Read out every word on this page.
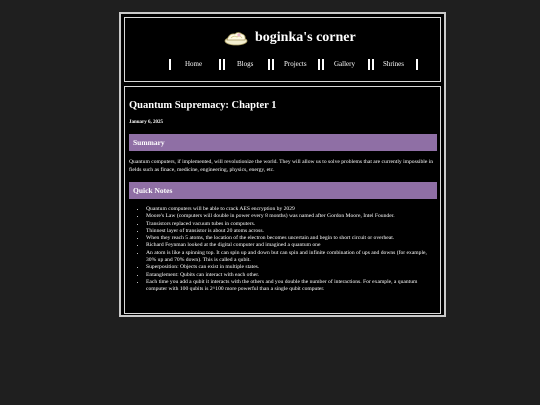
boginka's corner
Home	Blogs	Projects	Gallery	Shrines
Quantum Supremacy: Chapter 1
January 6, 2025
Summary
Quantum computers, if implemented, will revolutionize the world. They will allow us to solve problems that are currently impossible in fields such as finace, medicine, engineering, physics, energy, etc.
Quick Notes
• Quantum computers will be able to crack AES encryption by 2029
• Moore's Law (computers will double in power every 8 months) was named after Gordon Moore, Intel Founder.
• Transistors replaced vacuum tubes in computers.
• Thinnest layer of transistor is about 20 atoms across.
• When they reach 5 atoms, the location of the electron becomes uncertain and begin to short circuit or overheat.
• Richard Feynman looked at the digital computer and imagined a quantum one
• An atom is like a spinning top. It can spin up and down but can spin and infinite combination of ups and downs (for example, 30% up and 70% down). This is called a qubit.
• Superposition: Objects can exist in multiple states.
• Entanglement: Qubits can interact with each other.
• Each time you add a qubit it interacts with the others and you double the number of interactions. For example, a quantum computer with 100 qubits is 2^100 more powerful than a single qubit computer.
